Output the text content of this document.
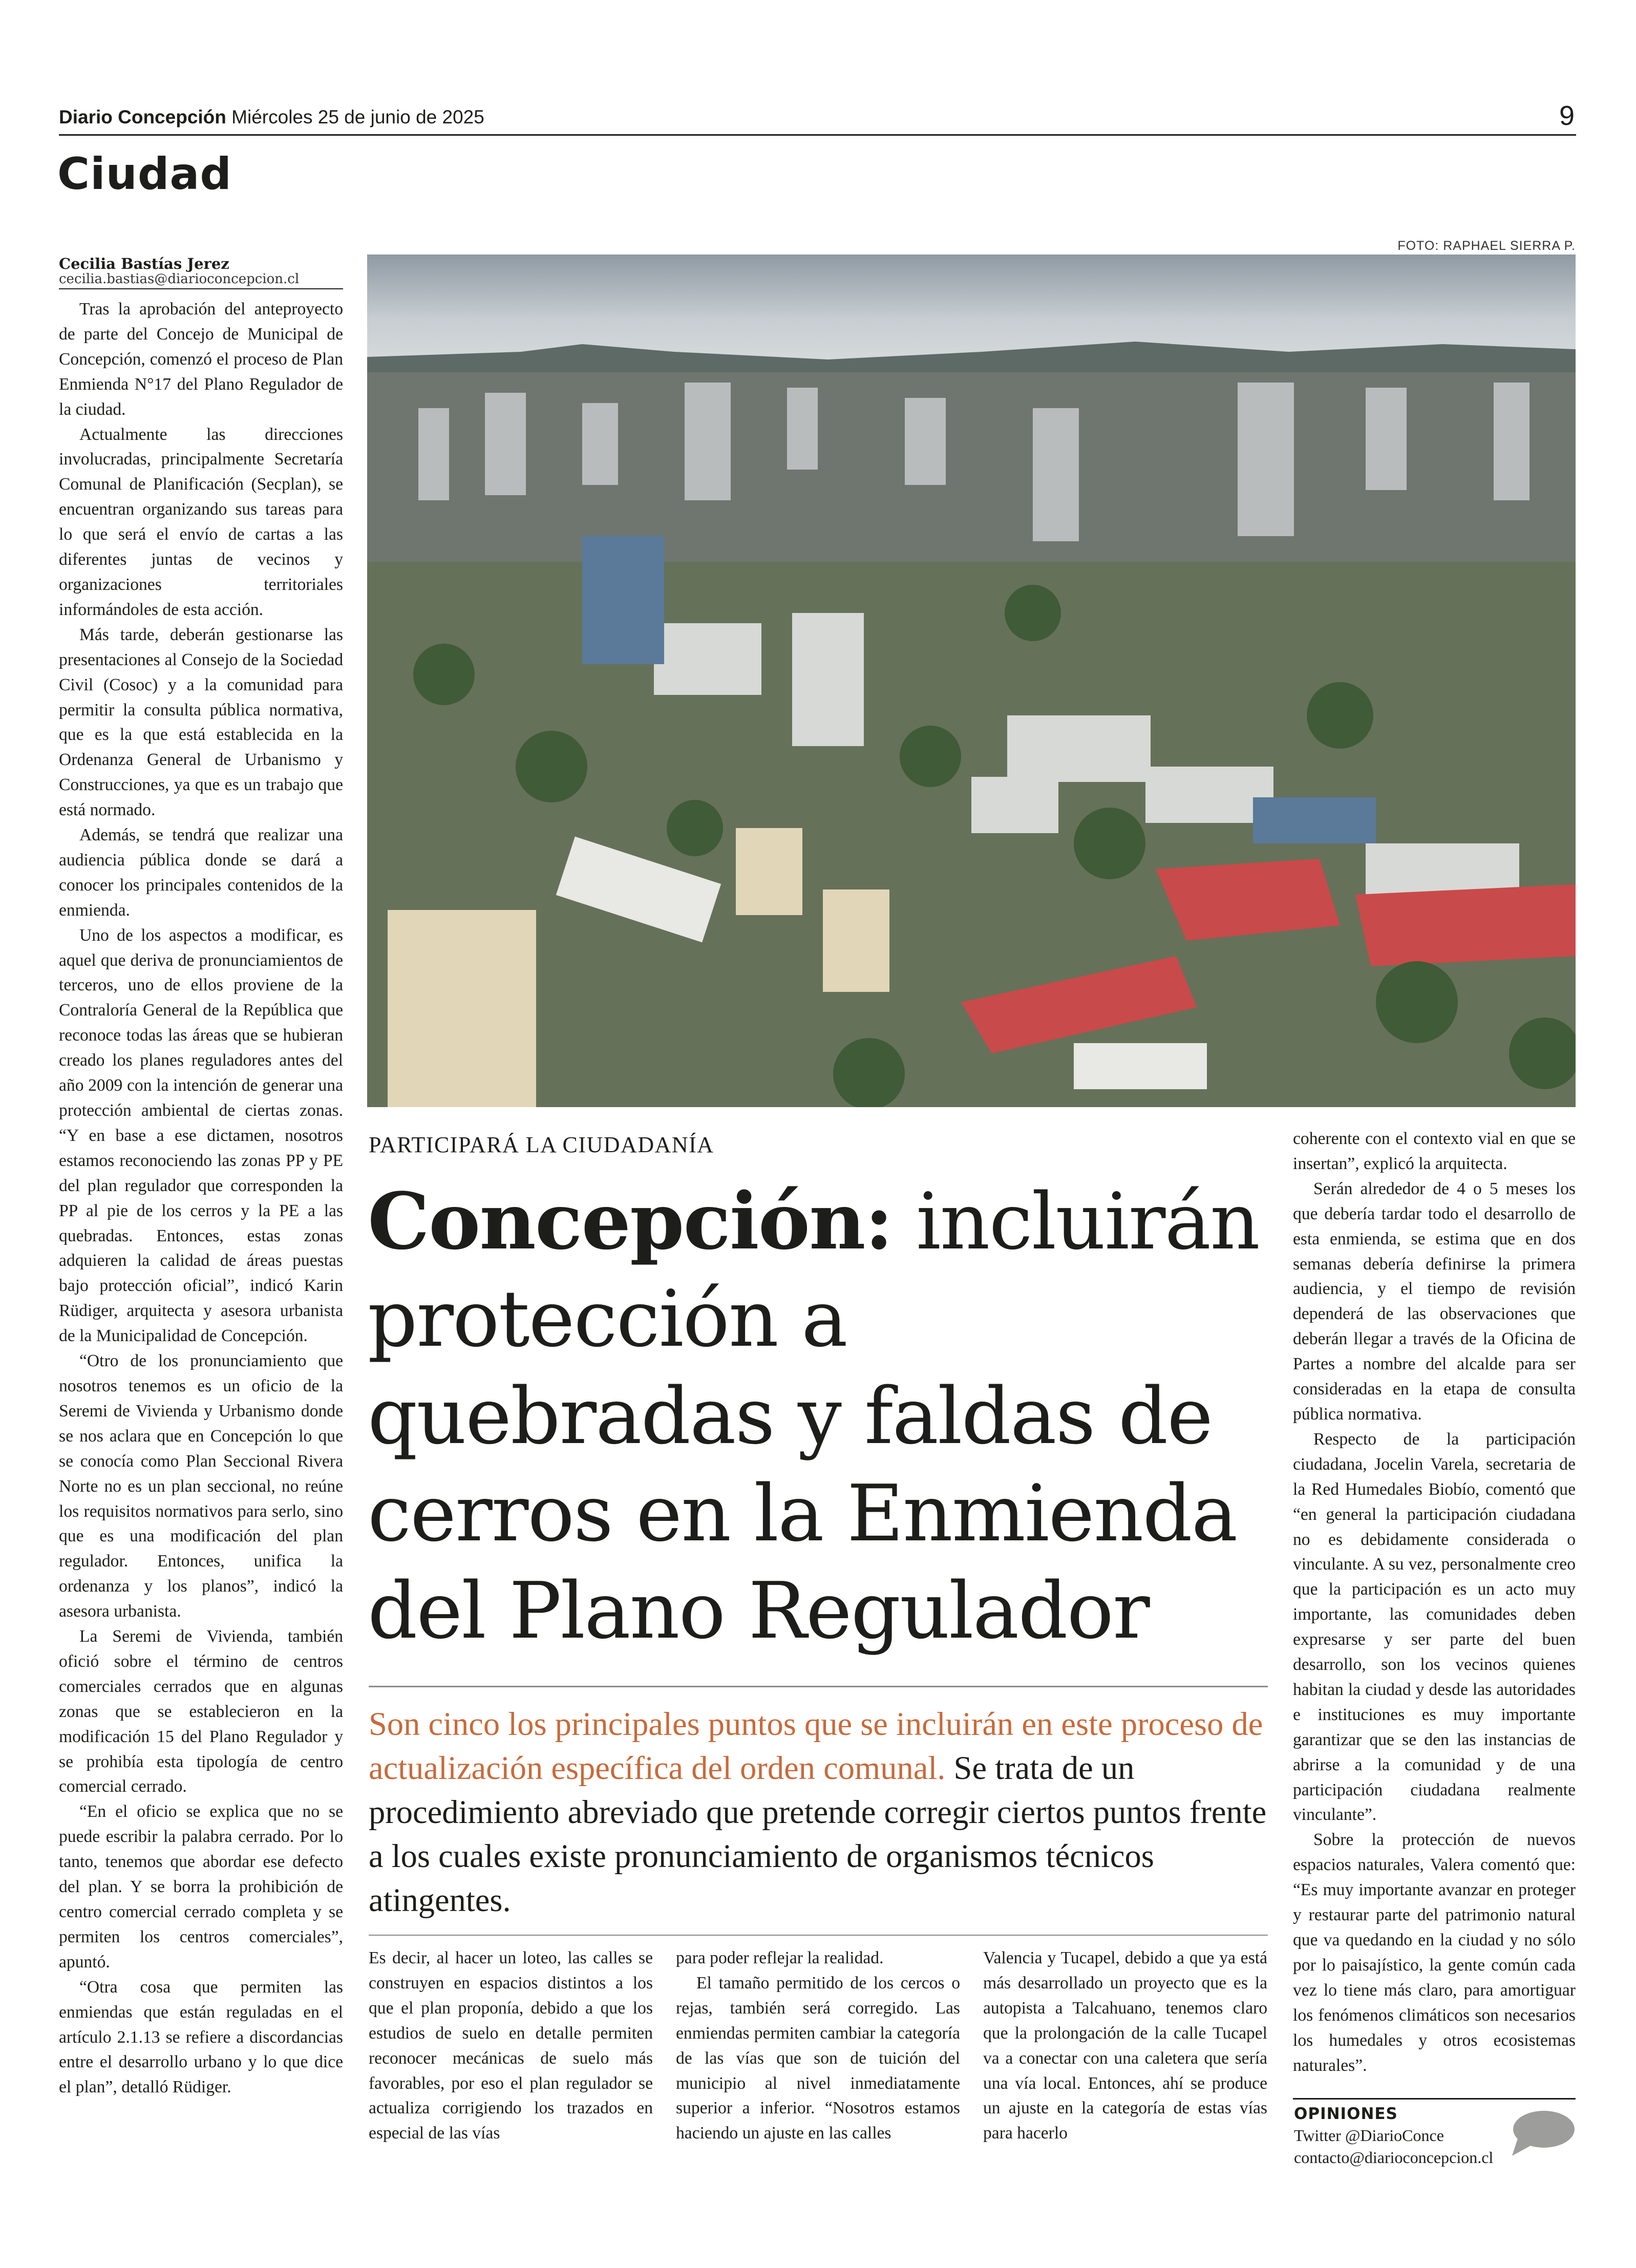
Diario Concepción Miércoles 25 de junio de 2025	9
Ciudad
Cecilia Bastías Jerez
cecilia.bastias@diarioconcepcion.cl

Tras la aprobación del anteproyecto de parte del Concejo de Municipal de Concepción, comenzó el proceso de Plan Enmienda N°17 del Plano Regulador de la ciudad.

Actualmente las direcciones involucradas, principalmente Secretaría Comunal de Planificación (Secplan), se encuentran organizando sus tareas para lo que será el envío de cartas a las diferentes juntas de vecinos y organizaciones territoriales informándoles de esta acción.

Más tarde, deberán gestionarse las presentaciones al Consejo de la Sociedad Civil (Cosoc) y a la comunidad para permitir la consulta pública normativa, que es la que está establecida en la Ordenanza General de Urbanismo y Construcciones, ya que es un trabajo que está normado.

Además, se tendrá que realizar una audiencia pública donde se dará a conocer los principales contenidos de la enmienda.

Uno de los aspectos a modificar, es aquel que deriva de pronunciamientos de terceros, uno de ellos proviene de la Contraloría General de la República que reconoce todas las áreas que se hubieran creado los planes reguladores antes del año 2009 con la intención de generar una protección ambiental de ciertas zonas. “Y en base a ese dictamen, nosotros estamos reconociendo las zonas PP y PE del plan regulador que corresponden la PP al pie de los cerros y la PE a las quebradas. Entonces, estas zonas adquieren la calidad de áreas puestas bajo protección oficial”, indicó Karin Rüdiger, arquitecta y asesora urbanista de la Municipalidad de Concepción.

“Otro de los pronunciamiento que nosotros tenemos es un oficio de la Seremi de Vivienda y Urbanismo donde se nos aclara que en Concepción lo que se conocía como Plan Seccional Rivera Norte no es un plan seccional, no reúne los requisitos normativos para serlo, sino que es una modificación del plan regulador. Entonces, unifica la ordenanza y los planos”, indicó la asesora urbanista.

La Seremi de Vivienda, también ofició sobre el término de centros comerciales cerrados que en algunas zonas que se establecieron en la modificación 15 del Plano Regulador y se prohibía esta tipología de centro comercial cerrado.

“En el oficio se explica que no se puede escribir la palabra cerrado. Por lo tanto, tenemos que abordar ese defecto del plan. Y se borra la prohibición de centro comercial cerrado completa y se permiten los centros comerciales”, apuntó.

“Otra cosa que permiten las enmiendas que están reguladas en el artículo 2.1.13 se refiere a discordancias entre el desarrollo urbano y lo que dice el plan”, detalló Rüdiger.

FOTO: RAPHAEL SIERRA P.
PARTICIPARÁ LA CIUDADANÍA
Concepción: incluirán protección a quebradas y faldas de cerros en la Enmienda del Plano Regulador
Son cinco los principales puntos que se incluirán en este proceso de actualización específica del orden comunal. Se trata de un procedimiento abreviado que pretende corregir ciertos puntos frente a los cuales existe pronunciamiento de organismos técnicos atingentes.

Es decir, al hacer un loteo, las calles se construyen en espacios distintos a los que el plan proponía, debido a que los estudios de suelo en detalle permiten reconocer mecánicas de suelo más favorables, por eso el plan regulador se actualiza corrigiendo los trazados en especial de las vías

para poder reflejar la realidad.

El tamaño permitido de los cercos o rejas, también será corregido. Las enmiendas permiten cambiar la categoría de las vías que son de tuición del municipio al nivel inmediatamente superior a inferior. “Nosotros estamos haciendo un ajuste en las calles

Valencia y Tucapel, debido a que ya está más desarrollado un proyecto que es la autopista a Talcahuano, tenemos claro que la prolongación de la calle Tucapel va a conectar con una caletera que sería una vía local. Entonces, ahí se produce un ajuste en la categoría de estas vías para hacerlo

coherente con el contexto vial en que se insertan”, explicó la arquitecta.

Serán alrededor de 4 o 5 meses los que debería tardar todo el desarrollo de esta enmienda, se estima que en dos semanas debería definirse la primera audiencia, y el tiempo de revisión dependerá de las observaciones que deberán llegar a través de la Oficina de Partes a nombre del alcalde para ser consideradas en la etapa de consulta pública normativa.

Respecto de la participación ciudadana, Jocelin Varela, secretaria de la Red Humedales Biobío, comentó que “en general la participación ciudadana no es debidamente considerada o vinculante. A su vez, personalmente creo que la participación es un acto muy importante, las comunidades deben expresarse y ser parte del buen desarrollo, son los vecinos quienes habitan la ciudad y desde las autoridades e instituciones es muy importante garantizar que se den las instancias de abrirse a la comunidad y de una participación ciudadana realmente vinculante”.

Sobre la protección de nuevos espacios naturales, Valera comentó que: “Es muy importante avanzar en proteger y restaurar parte del patrimonio natural que va quedando en la ciudad y no sólo por lo paisajístico, la gente común cada vez lo tiene más claro, para amortiguar los fenómenos climáticos son necesarios los humedales y otros ecosistemas naturales”.

OPINIONES
Twitter @DiarioConce
contacto@diarioconcepcion.cl
